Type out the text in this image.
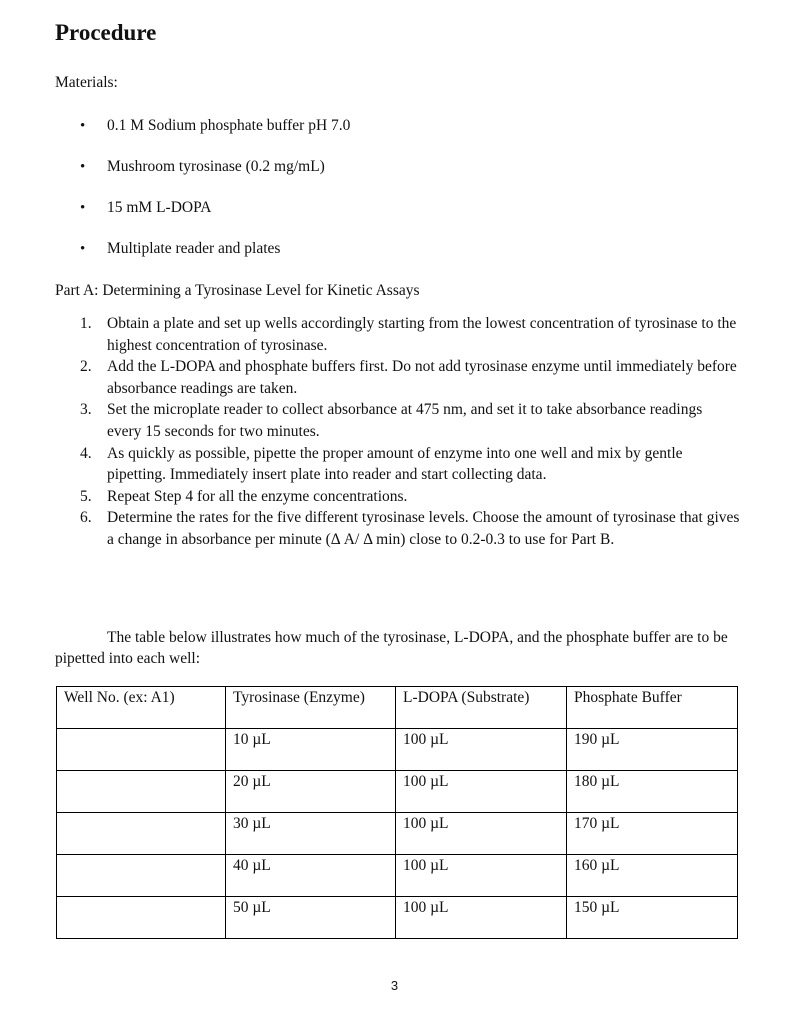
Procedure
Materials:
• 0.1 M Sodium phosphate buffer pH 7.0
• Mushroom tyrosinase (0.2 mg/mL)
• 15 mM L-DOPA
• Multiplate reader and plates
Part A: Determining a Tyrosinase Level for Kinetic Assays
1. Obtain a plate and set up wells accordingly starting from the lowest concentration of tyrosinase to the highest concentration of tyrosinase.
2. Add the L-DOPA and phosphate buffers first. Do not add tyrosinase enzyme until immediately before absorbance readings are taken.
3. Set the microplate reader to collect absorbance at 475 nm, and set it to take absorbance readings every 15 seconds for two minutes.
4. As quickly as possible, pipette the proper amount of enzyme into one well and mix by gentle pipetting. Immediately insert plate into reader and start collecting data.
5. Repeat Step 4 for all the enzyme concentrations.
6. Determine the rates for the five different tyrosinase levels. Choose the amount of tyrosinase that gives a change in absorbance per minute (Δ A/ Δ min) close to 0.2-0.3 to use for Part B.

The table below illustrates how much of the tyrosinase, L-DOPA, and the phosphate buffer are to be pipetted into each well:

Well No. (ex: A1)	Tyrosinase (Enzyme)	L-DOPA (Substrate)	Phosphate Buffer
	10 µL	100 µL	190 µL
	20 µL	100 µL	180 µL
	30 µL	100 µL	170 µL
	40 µL	100 µL	160 µL
	50 µL	100 µL	150 µL
3
